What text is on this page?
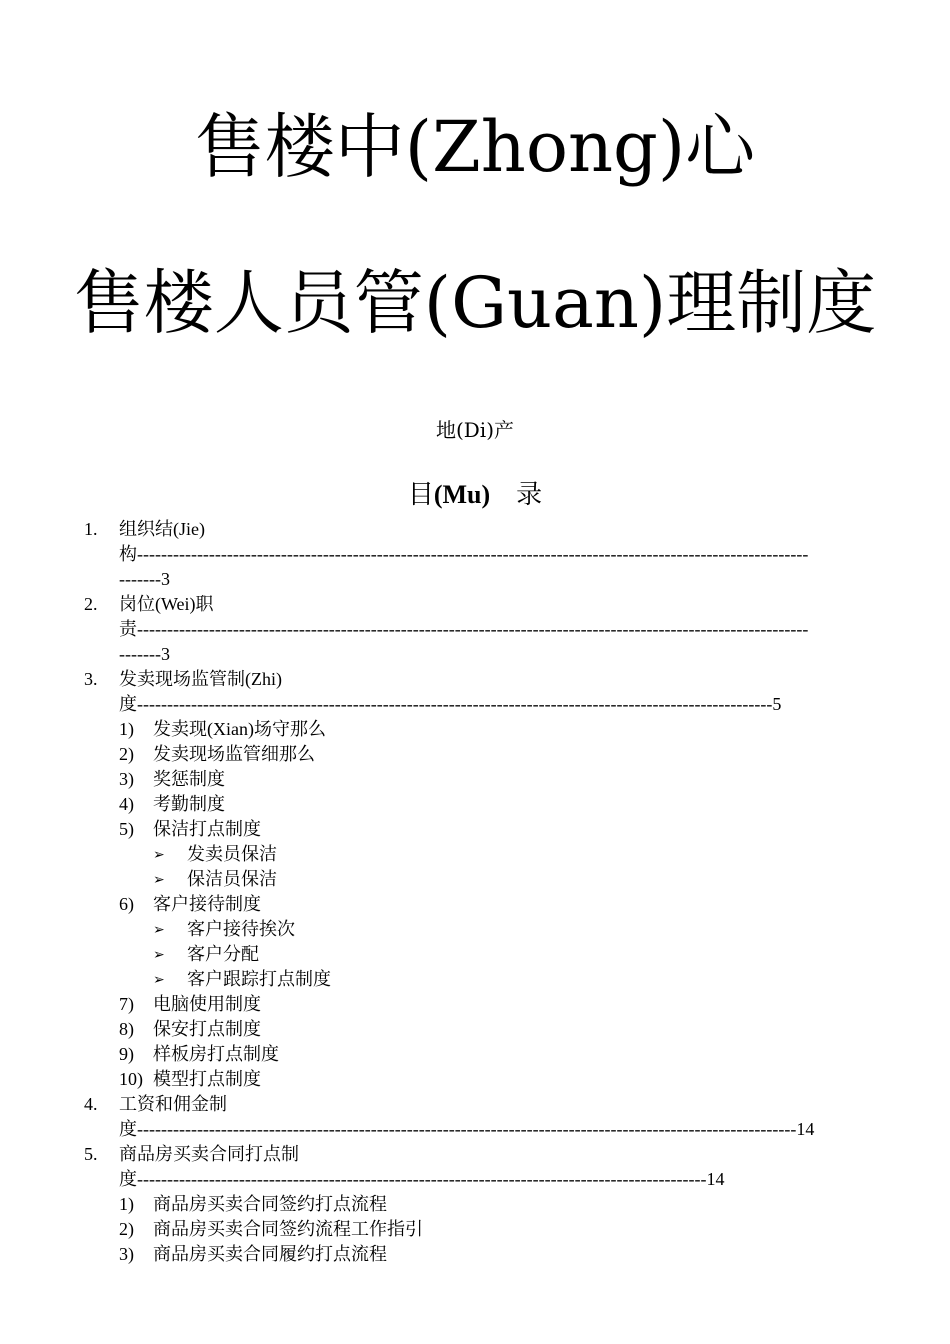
售楼中(Zhong)心
售楼人员管(Guan)理制度
地(Di)产
目(Mu) 录
1. 组织结(Jie)
构----------------------------------------------------------------------------------------------------------------
-------3
2. 岗位(Wei)职
责----------------------------------------------------------------------------------------------------------------
-------3
3. 发卖现场监管制(Zhi)
度----------------------------------------------------------------------------------------------------------5
1) 发卖现(Xian)场守那么
2) 发卖现场监管细那么
3) 奖惩制度
4) 考勤制度
5) 保洁打点制度
➢ 发卖员保洁
➢ 保洁员保洁
6) 客户接待制度
➢ 客户接待挨次
➢ 客户分配
➢ 客户跟踪打点制度
7) 电脑使用制度
8) 保安打点制度
9) 样板房打点制度
10) 模型打点制度
4. 工资和佣金制
度--------------------------------------------------------------------------------------------------------------14
5. 商品房买卖合同打点制
度-----------------------------------------------------------------------------------------------14
1) 商品房买卖合同签约打点流程
2) 商品房买卖合同签约流程工作指引
3) 商品房买卖合同履约打点流程
